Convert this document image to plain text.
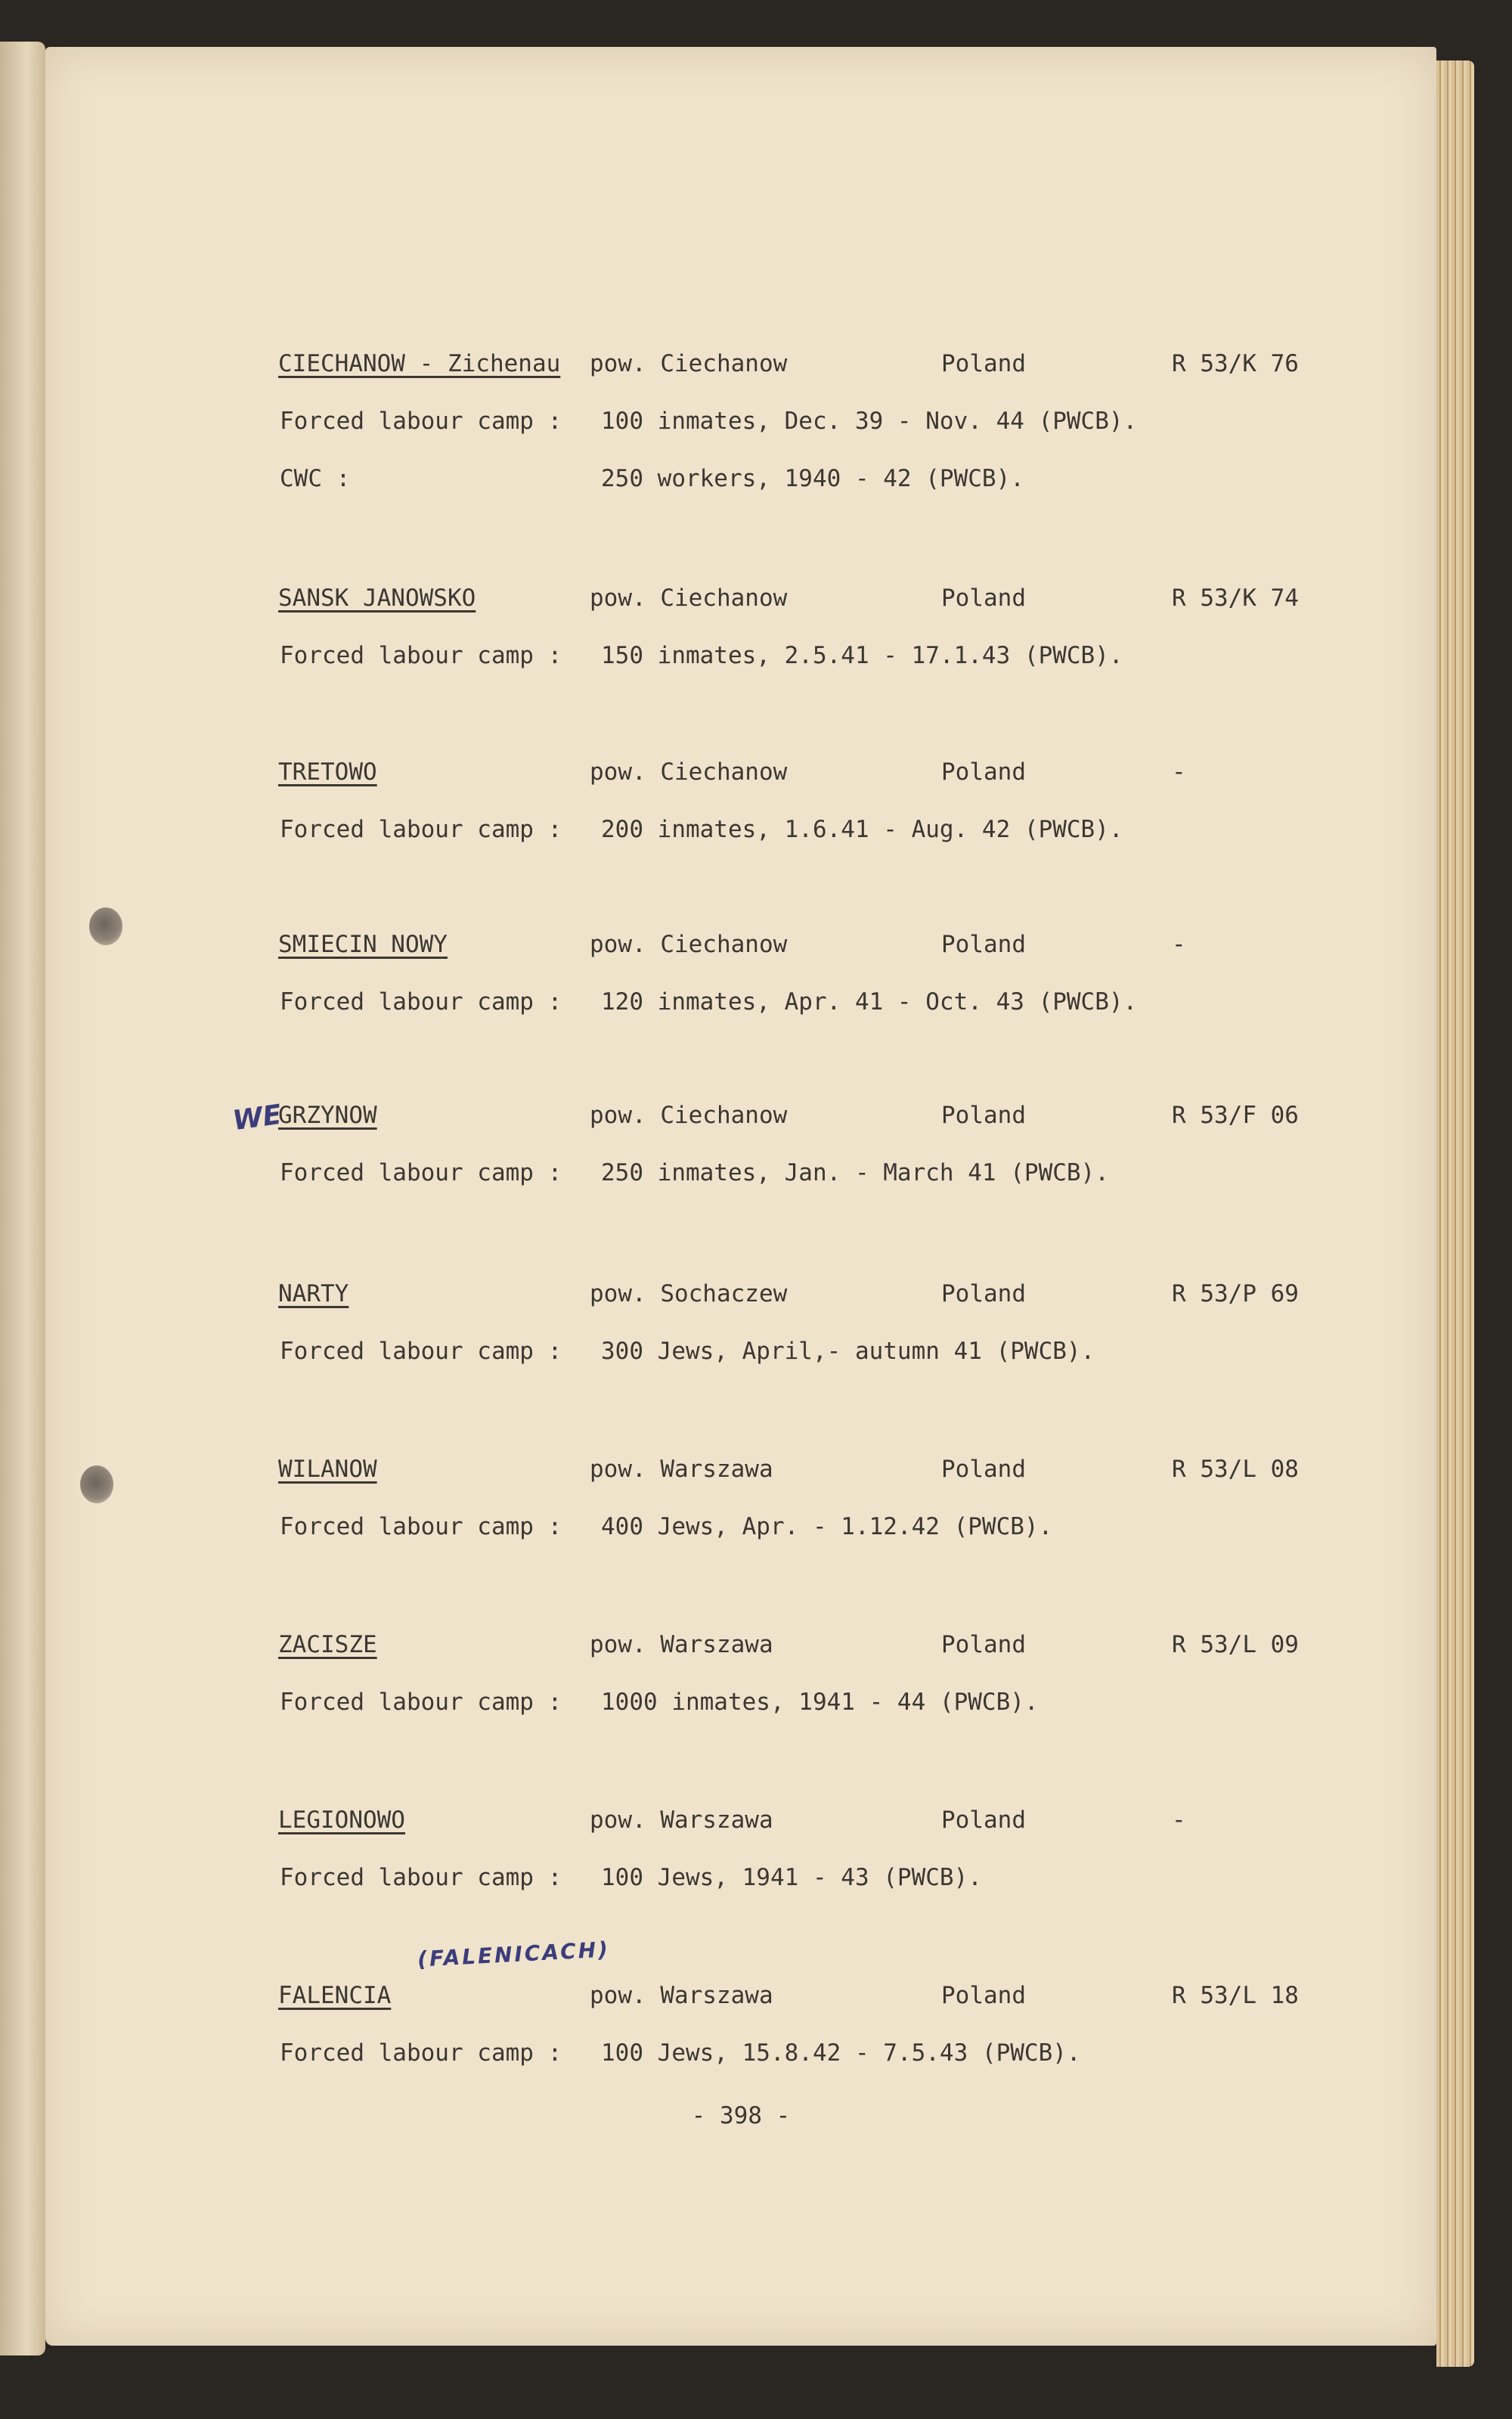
CIECHANOW - Zichenau pow. Ciechanow	Poland	R 53/K 76
Forced labour camp : 100 inmates, Dec. 39 - Nov. 44 (PWCB).
CWC :	250 workers, 1940 - 42 (PWCB).
SANSK JANOWSKO	pow. Ciechanow	Poland	R 53/K 74
Forced labour camp : 150 inmates, 2.5.41 - 17.1.43 (PWCB).
TRETOWO	pow. Ciechanow	Poland	-
Forced labour camp : 200 inmates, 1.6.41 - Aug. 42 (PWCB).
SMIECIN NOWY	pow. Ciechanow	Poland	-
Forced labour camp : 120 inmates, Apr. 41 - Oct. 43 (PWCB).
GRZYNOW	pow. Ciechanow	Poland	R 53/F 06
Forced labour camp : 250 inmates, Jan. - March 41 (PWCB).
NARTY	pow. Sochaczew	Poland	R 53/P 69
Forced labour camp : 300 Jews, April,- autumn 41 (PWCB).
WILANOW	pow. Warszawa	Poland	R 53/L 08
Forced labour camp : 400 Jews, Apr. - 1.12.42 (PWCB).
ZACISZE	pow. Warszawa	Poland	R 53/L 09
Forced labour camp : 1000 inmates, 1941 - 44 (PWCB).
LEGIONOWO	pow. Warszawa	Poland	-
Forced labour camp : 100 Jews, 1941 - 43 (PWCB).
FALENCIA	pow. Warszawa	Poland	R 53/L 18
Forced labour camp : 100 Jews, 15.8.42 - 7.5.43 (PWCB).
WE
(FALENICACH)
- 398 -
